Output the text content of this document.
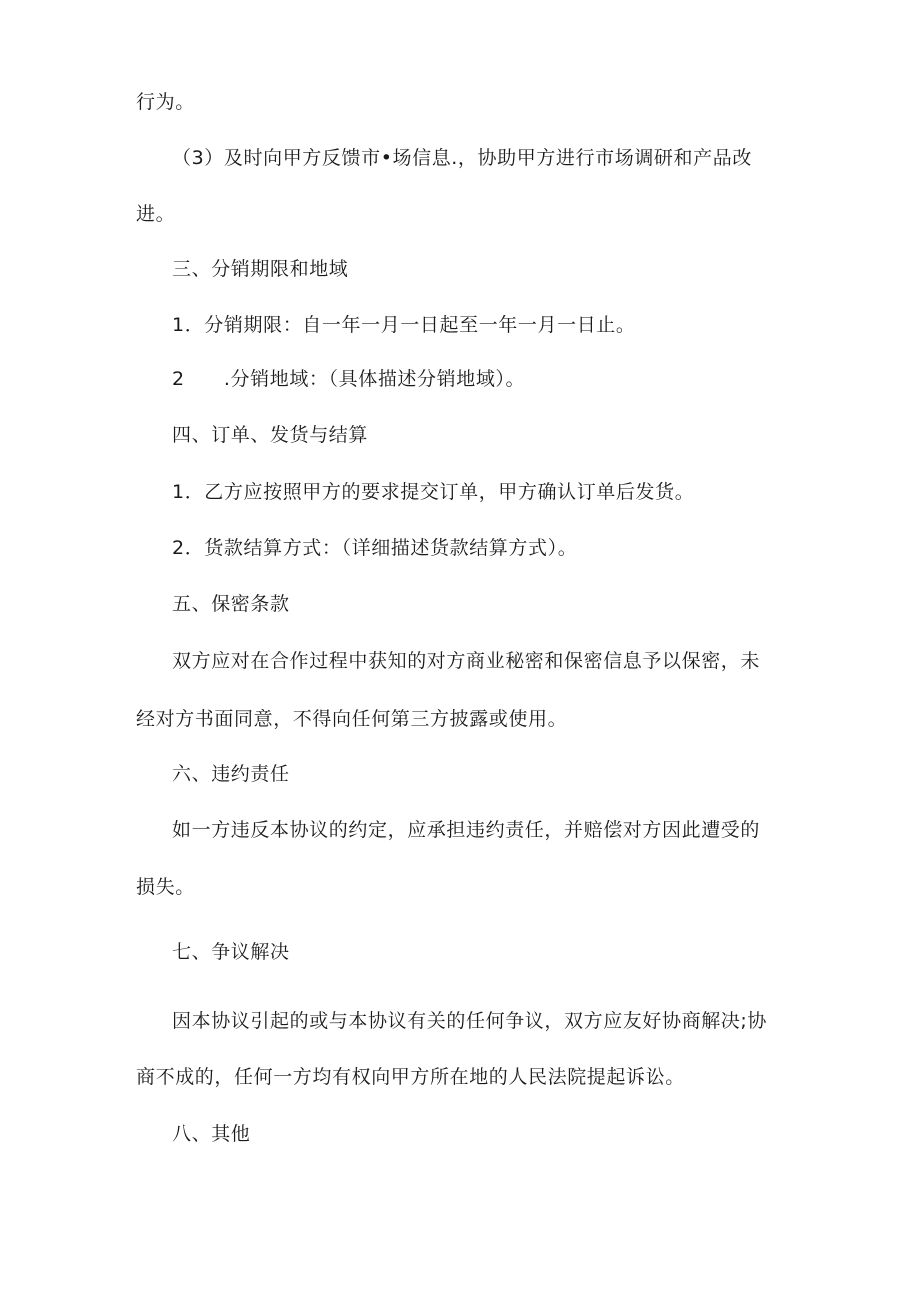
行为。
（3）及时向甲方反馈市•场信息.，协助甲方进行市场调研和产品改
进。
三、分销期限和地域
1．分销期限：自一年一月一日起至一年一月一日止。
2　　.分销地域：（具体描述分销地域）。
四、订单、发货与结算
1．乙方应按照甲方的要求提交订单，甲方确认订单后发货。
2．货款结算方式：（详细描述货款结算方式）。
五、保密条款
双方应对在合作过程中获知的对方商业秘密和保密信息予以保密，未
经对方书面同意，不得向任何第三方披露或使用。
六、违约责任
如一方违反本协议的约定，应承担违约责任，并赔偿对方因此遭受的
损失。
七、争议解决
因本协议引起的或与本协议有关的任何争议，双方应友好协商解决;协
商不成的，任何一方均有权向甲方所在地的人民法院提起诉讼。
八、其他
